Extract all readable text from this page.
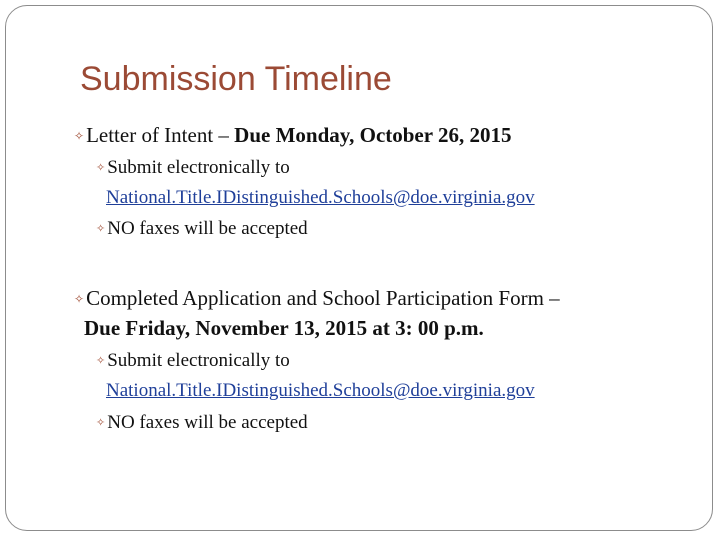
Submission Timeline
✧Letter of Intent – Due Monday, October 26, 2015
✧ Submit electronically to
National.Title.IDistinguished.Schools@doe.virginia.gov
✧ NO faxes will be accepted
✧Completed Application and School Participation Form –
Due Friday, November 13, 2015 at 3: 00 p.m.
✧ Submit electronically to
National.Title.IDistinguished.Schools@doe.virginia.gov
✧ NO faxes will be accepted
